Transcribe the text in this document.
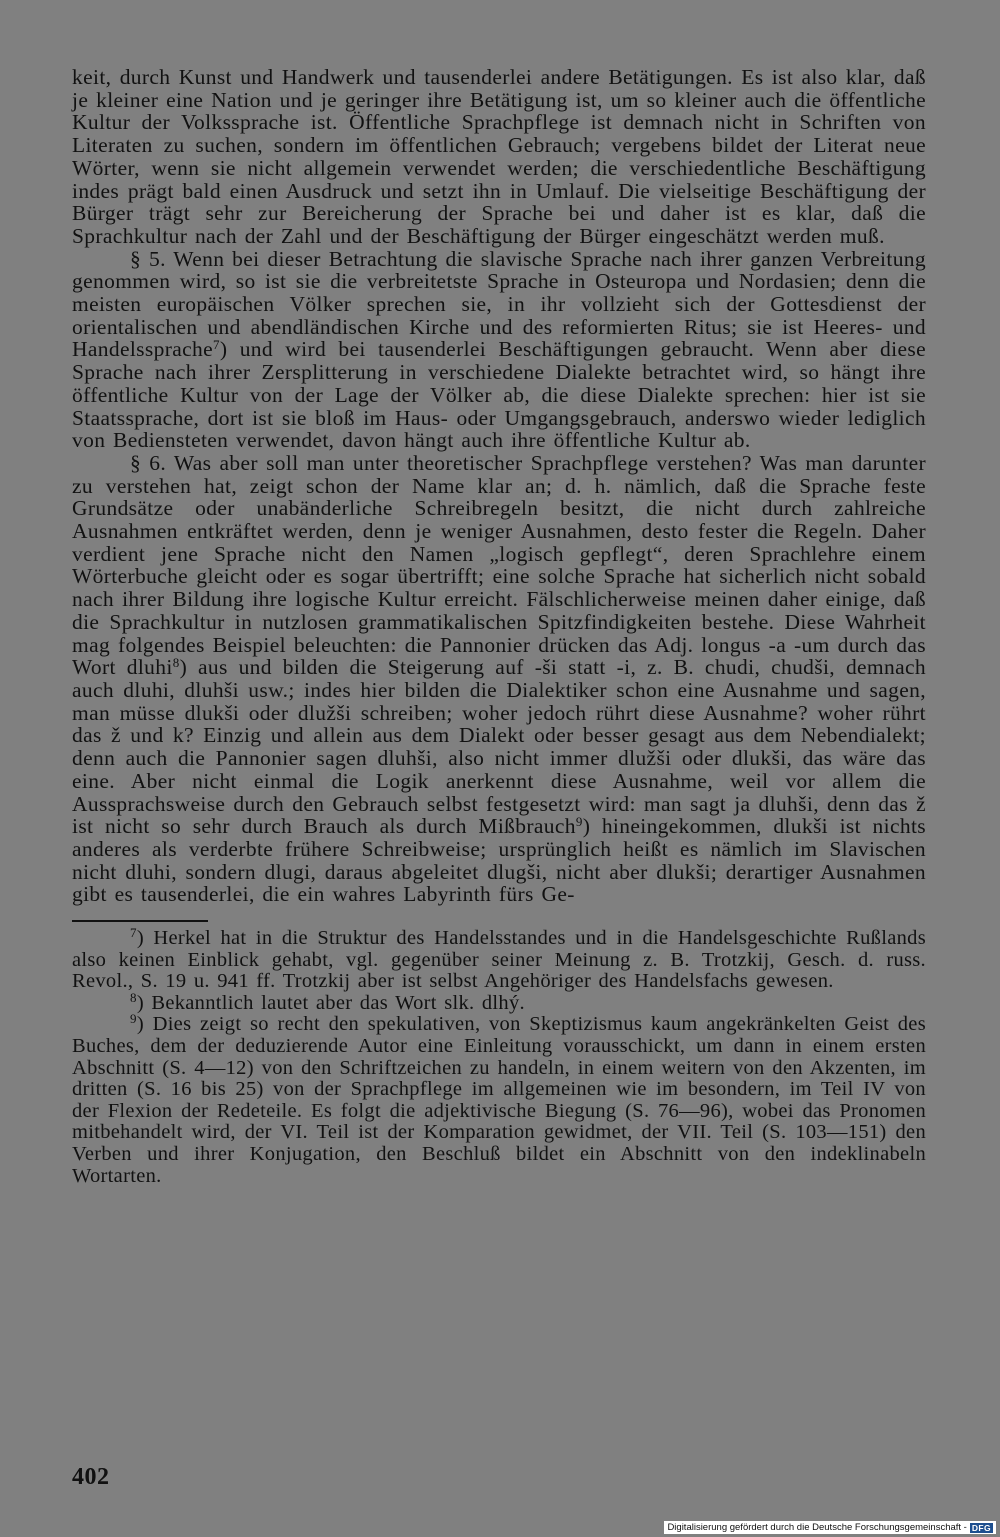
keit, durch Kunst und Handwerk und tausenderlei andere Betätigungen. Es ist also klar, daß je kleiner eine Nation und je geringer ihre Betätigung ist, um so kleiner auch die öffentliche Kultur der Volkssprache ist. Öffentliche Sprachpflege ist demnach nicht in Schriften von Literaten zu suchen, sondern im öffentlichen Gebrauch; vergebens bildet der Literat neue Wörter, wenn sie nicht allgemein verwendet werden; die verschiedentliche Beschäftigung indes prägt bald einen Ausdruck und setzt ihn in Umlauf. Die vielseitige Beschäftigung der Bürger trägt sehr zur Bereicherung der Sprache bei und daher ist es klar, daß die Sprachkultur nach der Zahl und der Beschäftigung der Bürger eingeschätzt werden muß.

§ 5. Wenn bei dieser Betrachtung die slavische Sprache nach ihrer ganzen Verbreitung genommen wird, so ist sie die verbreitetste Sprache in Osteuropa und Nordasien; denn die meisten europäischen Völker sprechen sie, in ihr vollzieht sich der Gottesdienst der orientalischen und abendländischen Kirche und des reformierten Ritus; sie ist Heeres- und Handelssprache$^7$) und wird bei tausenderlei Beschäftigungen gebraucht. Wenn aber diese Sprache nach ihrer Zersplitterung in verschiedene Dialekte betrachtet wird, so hängt ihre öffentliche Kultur von der Lage der Völker ab, die diese Dialekte sprechen: hier ist sie Staatssprache, dort ist sie bloß im Haus- oder Umgangsgebrauch, anderswo wieder lediglich von Bediensteten verwendet, davon hängt auch ihre öffentliche Kultur ab.

§ 6. Was aber soll man unter theoretischer Sprachpflege verstehen? Was man darunter zu verstehen hat, zeigt schon der Name klar an; d. h. nämlich, daß die Sprache feste Grundsätze oder unabänderliche Schreibregeln besitzt, die nicht durch zahlreiche Ausnahmen entkräftet werden, denn je weniger Ausnahmen, desto fester die Regeln. Daher verdient jene Sprache nicht den Namen „logisch gepflegt“, deren Sprachlehre einem Wörterbuche gleicht oder es sogar übertrifft; eine solche Sprache hat sicherlich nicht sobald nach ihrer Bildung ihre logische Kultur erreicht. Fälschlicherweise meinen daher einige, daß die Sprachkultur in nutzlosen grammatikalischen Spitzfindigkeiten bestehe. Diese Wahrheit mag folgendes Beispiel beleuchten: die Pannonier drücken das Adj. longus -a -um durch das Wort dluhi$^8$) aus und bilden die Steigerung auf -ši statt -i, z. B. chudi, chudši, demnach auch dluhi, dluhši usw.; indes hier bilden die Dialektiker schon eine Ausnahme und sagen, man müsse dlukši oder dlužši schreiben; woher jedoch rührt diese Ausnahme? woher rührt das ž und k? Einzig und allein aus dem Dialekt oder besser gesagt aus dem Nebendialekt; denn auch die Pannonier sagen dluhši, also nicht immer dlužši oder dlukši, das wäre das eine. Aber nicht einmal die Logik anerkennt diese Ausnahme, weil vor allem die Aussprachsweise durch den Gebrauch selbst festgesetzt wird: man sagt ja dluhši, denn das ž ist nicht so sehr durch Brauch als durch Mißbrauch$^9$) hineingekommen, dlukši ist nichts anderes als verderbte frühere Schreibweise; ursprünglich heißt es nämlich im Slavischen nicht dluhi, sondern dlugi, daraus abgeleitet dlugši, nicht aber dlukši; derartiger Ausnahmen gibt es tausenderlei, die ein wahres Labyrinth fürs Ge-

$^7$) Herkel hat in die Struktur des Handelsstandes und in die Handelsgeschichte Rußlands also keinen Einblick gehabt, vgl. gegenüber seiner Meinung z. B. Trotzkij, Gesch. d. russ. Revol., S. 19 u. 941 ff. Trotzkij aber ist selbst Angehöriger des Handelsfachs gewesen.

$^8$) Bekanntlich lautet aber das Wort slk. dlhý.

$^9$) Dies zeigt so recht den spekulativen, von Skeptizismus kaum angekränkelten Geist des Buches, dem der deduzierende Autor eine Einleitung vorausschickt, um dann in einem ersten Abschnitt (S. 4—12) von den Schriftzeichen zu handeln, in einem weitern von den Akzenten, im dritten (S. 16 bis 25) von der Sprachpflege im allgemeinen wie im besondern, im Teil IV von der Flexion der Redeteile. Es folgt die adjektivische Biegung (S. 76—96), wobei das Pronomen mitbehandelt wird, der VI. Teil ist der Komparation gewidmet, der VII. Teil (S. 103—151) den Verben und ihrer Konjugation, den Beschluß bildet ein Abschnitt von den indeklinabeln Wortarten.

402
Digitalisierung gefördert durch die Deutsche Forschungsgemeinschaft - DFG
